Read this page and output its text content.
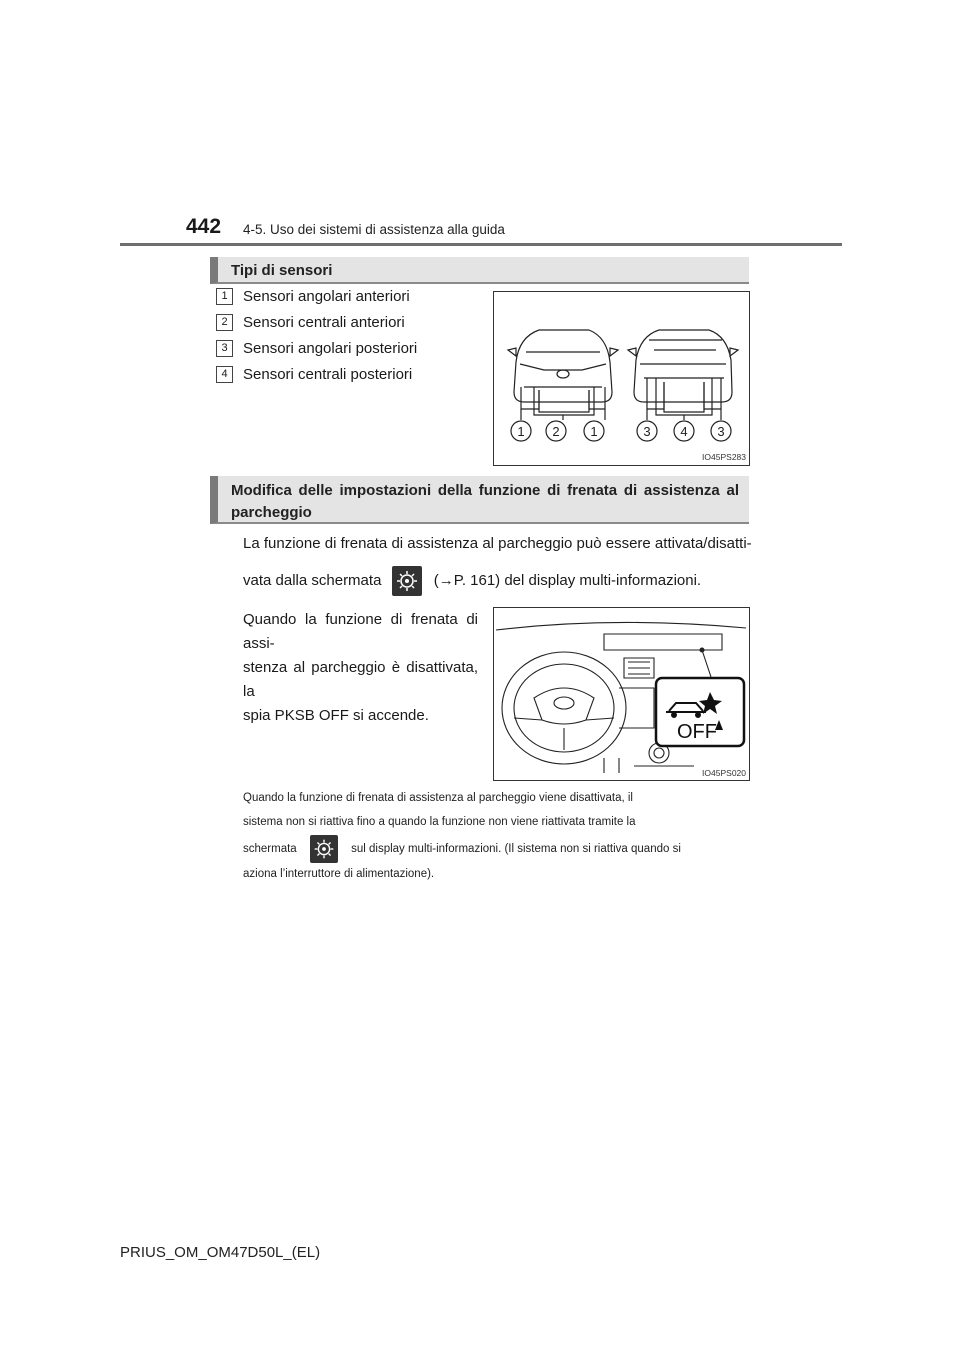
442 4-5. Uso dei sistemi di assistenza alla guida
Tipi di sensori
1	Sensori angolari anteriori
2	Sensori centrali anteriori
3	Sensori angolari posteriori
4	Sensori centrali posteriori
1 2 1	3 4 3
IO45PS283
Modifica delle impostazioni della funzione di frenata di assistenza al parcheggio
La funzione di frenata di assistenza al parcheggio può essere attivata/disatti-
vata dalla schermata	(→P. 161) del display multi-informazioni.
Quando la funzione di frenata di assi-
stenza al parcheggio è disattivata, la
spia PKSB OFF si accende.
OFF
IO45PS020
Quando la funzione di frenata di assistenza al parcheggio viene disattivata, il
sistema non si riattiva fino a quando la funzione non viene riattivata tramite la
schermata	sul display multi-informazioni. (Il sistema non si riattiva quando si
aziona l’interruttore di alimentazione).
PRIUS_OM_OM47D50L_(EL)
